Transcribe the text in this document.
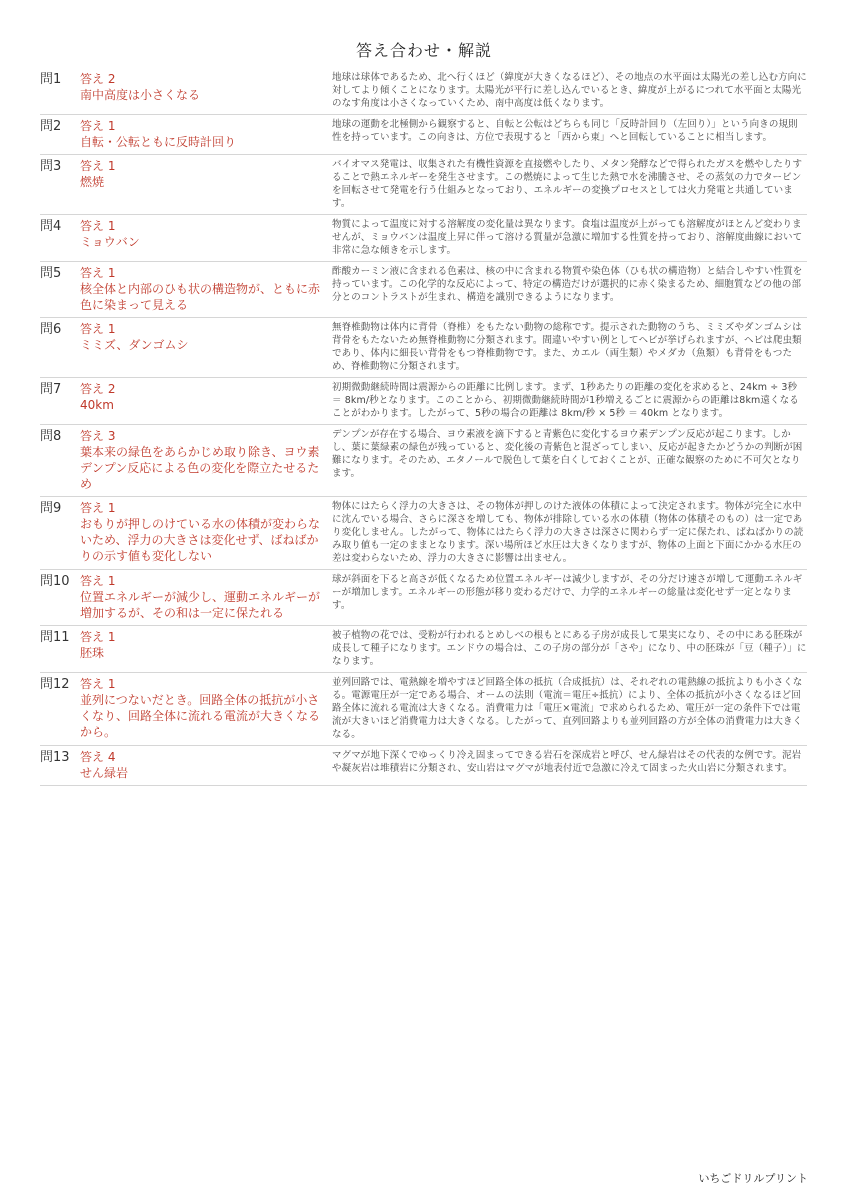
答え合わせ・解説
問1	答え 2
南中高度は小さくなる
地球は球体であるため、北へ行くほど（緯度が大きくなるほど）、その地点の水平面は太陽光の差し込む方向に対してより傾くことになります。太陽光が平行に差し込んでいるとき、緯度が上がるにつれて水平面と太陽光のなす角度は小さくなっていくため、南中高度は低くなります。
問2	答え 1
自転・公転ともに反時計回り
地球の運動を北極側から観察すると、自転と公転はどちらも同じ「反時計回り（左回り）」という向きの規則性を持っています。この向きは、方位で表現すると「西から東」へと回転していることに相当します。
問3	答え 1
燃焼
バイオマス発電は、収集された有機性資源を直接燃やしたり、メタン発酵などで得られたガスを燃やしたりすることで熱エネルギーを発生させます。この燃焼によって生じた熱で水を沸騰させ、その蒸気の力でタービンを回転させて発電を行う仕組みとなっており、エネルギーの変換プロセスとしては火力発電と共通しています。
問4	答え 1
ミョウバン
物質によって温度に対する溶解度の変化量は異なります。食塩は温度が上がっても溶解度がほとんど変わりませんが、ミョウバンは温度上昇に伴って溶ける質量が急激に増加する性質を持っており、溶解度曲線において非常に急な傾きを示します。
問5	答え 1
核全体と内部のひも状の構造物が、ともに赤色に染まって見える
酢酸カーミン液に含まれる色素は、核の中に含まれる物質や染色体（ひも状の構造物）と結合しやすい性質を持っています。この化学的な反応によって、特定の構造だけが選択的に赤く染まるため、細胞質などの他の部分とのコントラストが生まれ、構造を識別できるようになります。
問6	答え 1
ミミズ、ダンゴムシ
無脊椎動物は体内に背骨（脊椎）をもたない動物の総称です。提示された動物のうち、ミミズやダンゴムシは背骨をもたないため無脊椎動物に分類されます。間違いやすい例としてヘビが挙げられますが、ヘビは爬虫類であり、体内に細長い背骨をもつ脊椎動物です。また、カエル（両生類）やメダカ（魚類）も背骨をもつため、脊椎動物に分類されます。
問7	答え 2
40km
初期微動継続時間は震源からの距離に比例します。まず、1秒あたりの距離の変化を求めると、24km ÷ 3秒 ＝ 8km/秒となります。このことから、初期微動継続時間が1秒増えるごとに震源からの距離は8km遠くなることがわかります。したがって、5秒の場合の距離は 8km/秒 × 5秒 ＝ 40km となります。
問8	答え 3
葉本来の緑色をあらかじめ取り除き、ヨウ素デンプン反応による色の変化を際立たせるため
デンプンが存在する場合、ヨウ素液を滴下すると青紫色に変化するヨウ素デンプン反応が起こります。しかし、葉に葉緑素の緑色が残っていると、変化後の青紫色と混ざってしまい、反応が起きたかどうかの判断が困難になります。そのため、エタノールで脱色して葉を白くしておくことが、正確な観察のために不可欠となります。
問9	答え 1
おもりが押しのけている水の体積が変わらないため、浮力の大きさは変化せず、ばねばかりの示す値も変化しない
物体にはたらく浮力の大きさは、その物体が押しのけた液体の体積によって決定されます。物体が完全に水中に沈んでいる場合、さらに深さを増しても、物体が排除している水の体積（物体の体積そのもの）は一定であり変化しません。したがって、物体にはたらく浮力の大きさは深さに関わらず一定に保たれ、ばねばかりの読み取り値も一定のままとなります。深い場所ほど水圧は大きくなりますが、物体の上面と下面にかかる水圧の差は変わらないため、浮力の大きさに影響は出ません。
問10 答え 1
位置エネルギーが減少し、運動エネルギーが増加するが、その和は一定に保たれる
球が斜面を下ると高さが低くなるため位置エネルギーは減少しますが、その分だけ速さが増して運動エネルギーが増加します。エネルギーの形態が移り変わるだけで、力学的エネルギーの総量は変化せず一定となります。
問11 答え 1
胚珠
被子植物の花では、受粉が行われるとめしべの根もとにある子房が成長して果実になり、その中にある胚珠が成長して種子になります。エンドウの場合は、この子房の部分が「さや」になり、中の胚珠が「豆（種子）」になります。
問12 答え 1
並列につないだとき。回路全体の抵抗が小さくなり、回路全体に流れる電流が大きくなるから。
並列回路では、電熱線を増やすほど回路全体の抵抗（合成抵抗）は、それぞれの電熱線の抵抗よりも小さくなる。電源電圧が一定である場合、オームの法則（電流＝電圧÷抵抗）により、全体の抵抗が小さくなるほど回路全体に流れる電流は大きくなる。消費電力は「電圧×電流」で求められるため、電圧が一定の条件下では電流が大きいほど消費電力は大きくなる。したがって、直列回路よりも並列回路の方が全体の消費電力は大きくなる。
問13 答え 4
せん緑岩
マグマが地下深くでゆっくり冷え固まってできる岩石を深成岩と呼び、せん緑岩はその代表的な例です。泥岩や凝灰岩は堆積岩に分類され、安山岩はマグマが地表付近で急激に冷えて固まった火山岩に分類されます。
いちごドリルプリント
